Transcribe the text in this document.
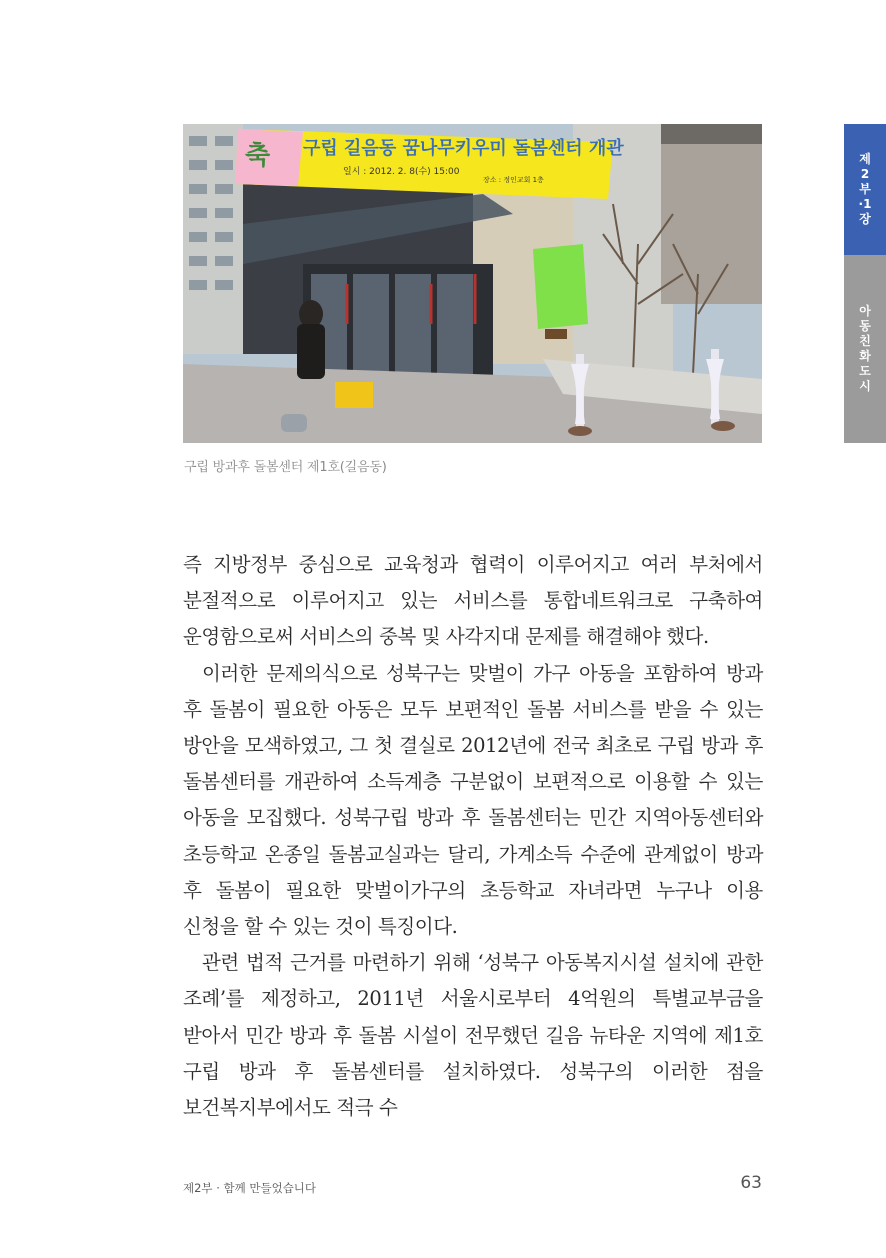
축 구립 길음동 꿈나무키우미 돌봄센터 개관
일시 : 2012. 2. 8(수) 15:00
장소 : 정인교회 1층
구립 방과후 돌봄센터 제1호(길음동)
제2부·1장
아동친화도시

즉 지방정부 중심으로 교육청과 협력이 이루어지고 여러 부처에서 분절적으로 이루어지고 있는 서비스를 통합네트워크로 구축하여 운영함으로써 서비스의 중복 및 사각지대 문제를 해결해야 했다.

이러한 문제의식으로 성북구는 맞벌이 가구 아동을 포함하여 방과 후 돌봄이 필요한 아동은 모두 보편적인 돌봄 서비스를 받을 수 있는 방안을 모색하였고, 그 첫 결실로 2012년에 전국 최초로 구립 방과 후 돌봄센터를 개관하여 소득계층 구분없이 보편적으로 이용할 수 있는 아동을 모집했다. 성북구립 방과 후 돌봄센터는 민간 지역아동센터와 초등학교 온종일 돌봄교실과는 달리, 가계소득 수준에 관계없이 방과 후 돌봄이 필요한 맞벌이가구의 초등학교 자녀라면 누구나 이용 신청을 할 수 있는 것이 특징이다.

관련 법적 근거를 마련하기 위해 ‘성북구 아동복지시설 설치에 관한 조례’를 제정하고, 2011년 서울시로부터 4억원의 특별교부금을 받아서 민간 방과 후 돌봄 시설이 전무했던 길음 뉴타운 지역에 제1호 구립 방과 후 돌봄센터를 설치하였다. 성북구의 이러한 점을 보건복지부에서도 적극 수

제2부 · 함께 만들었습니다	63
